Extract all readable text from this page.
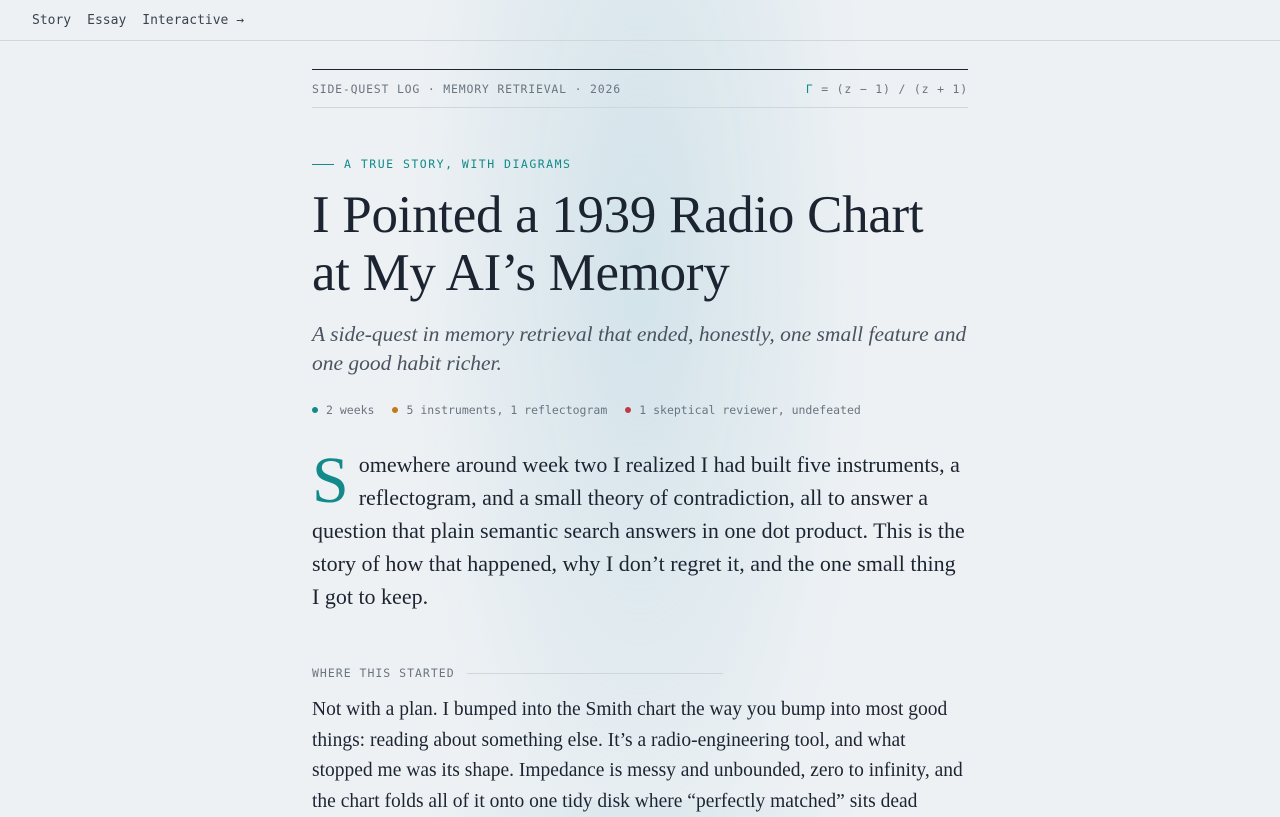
Story Essay Interactive →
SIDE-QUEST LOG · MEMORY RETRIEVAL · 2026	Γ = (z − 1) / (z + 1)
A TRUE STORY, WITH DIAGRAMS
I Pointed a 1939 Radio Chart at My AI’s Memory

A side-quest in memory retrieval that ended, honestly, one small feature and one good habit richer.

2 weeks	5 instruments, 1 reflectogram	1 skeptical reviewer, undefeated

Somewhere around week two I realized I had built five instruments, a reflectogram, and a small theory of contradiction, all to answer a question that plain semantic search answers in one dot product. This is the story of how that happened, why I don’t regret it, and the one small thing I got to keep.

WHERE THIS STARTED

Not with a plan. I bumped into the Smith chart the way you bump into most good things: reading about something else. It’s a radio-engineering tool, and what stopped me was its shape. Impedance is messy and unbounded, zero to infinity, and the chart folds all of it onto one tidy disk where “perfectly matched” sits dead
